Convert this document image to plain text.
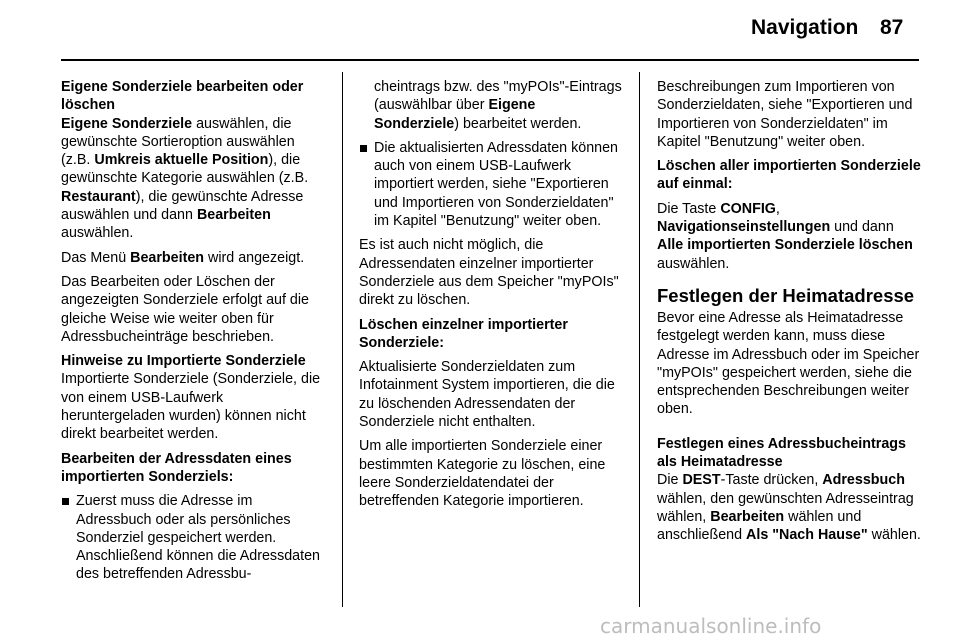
Navigation 87

Eigene Sonderziele bearbeiten oder löschen

Eigene Sonderziele auswählen, die gewünschte Sortieroption auswählen (z.B. Umkreis aktuelle Position), die gewünschte Kategorie auswählen (z.B. Restaurant), die gewünschte Adresse auswählen und dann Bearbeiten auswählen.

Das Menü Bearbeiten wird angezeigt.

Das Bearbeiten oder Löschen der angezeigten Sonderziele erfolgt auf die gleiche Weise wie weiter oben für Adressbucheinträge beschrieben.

Hinweise zu Importierte Sonderziele

Importierte Sonderziele (Sonderziele, die von einem USB-Laufwerk heruntergeladen wurden) können nicht direkt bearbeitet werden.

Bearbeiten der Adressdaten eines importierten Sonderziels:

Zuerst muss die Adresse im Adressbuch oder als persönliches Sonderziel gespeichert werden. Anschließend können die Adressdaten des betreffenden Adressbu-

cheintrags bzw. des "myPOIs"-Eintrags (auswählbar über Eigene Sonderziele) bearbeitet werden.

Die aktualisierten Adressdaten können auch von einem USB-Laufwerk importiert werden, siehe "Exportieren und Importieren von Sonderzieldaten" im Kapitel "Benutzung" weiter oben.

Es ist auch nicht möglich, die Adressendaten einzelner importierter Sonderziele aus dem Speicher "myPOIs" direkt zu löschen.

Löschen einzelner importierter Sonderziele:

Aktualisierte Sonderzieldaten zum Infotainment System importieren, die die zu löschenden Adressendaten der Sonderziele nicht enthalten.

Um alle importierten Sonderziele einer bestimmten Kategorie zu löschen, eine leere Sonderzieldatendatei der betreffenden Kategorie importieren.

Beschreibungen zum Importieren von Sonderzieldaten, siehe "Exportieren und Importieren von Sonderzieldaten" im Kapitel "Benutzung" weiter oben.

Löschen aller importierten Sonderziele auf einmal:

Die Taste CONFIG, Navigationseinstellungen und dann Alle importierten Sonderziele löschen auswählen.

Festlegen der Heimatadresse

Bevor eine Adresse als Heimatadresse festgelegt werden kann, muss diese Adresse im Adressbuch oder im Speicher "myPOIs" gespeichert werden, siehe die entsprechenden Beschreibungen weiter oben.

Festlegen eines Adressbucheintrags als Heimatadresse

Die DEST-Taste drücken, Adressbuch wählen, den gewünschten Adresseintrag wählen, Bearbeiten wählen und anschließend Als "Nach Hause" wählen.

carmanualsonline.info
